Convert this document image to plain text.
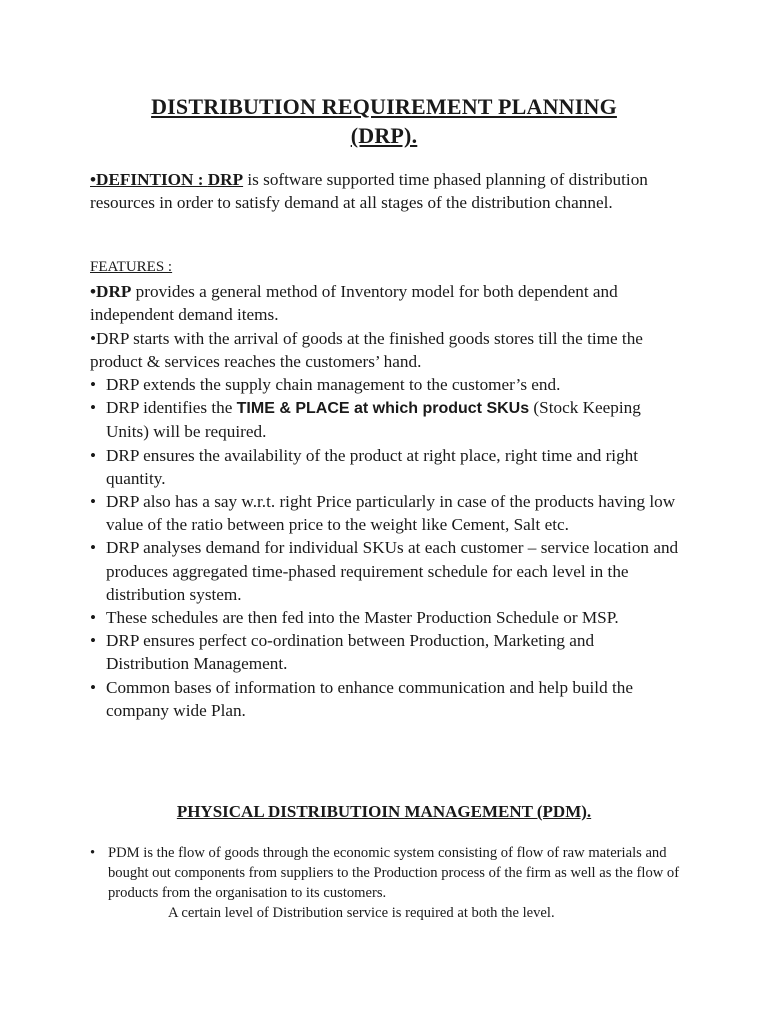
DISTRIBUTION REQUIREMENT PLANNING
(DRP).

•DEFINTION : DRP is software supported time phased planning of distribution resources in order to satisfy demand at all stages of the distribution channel.

FEATURES :

•DRP provides a general method of Inventory model for both dependent and independent demand items.

•DRP starts with the arrival of goods at the finished goods stores till the time the product & services reaches the customers’ hand.

• DRP extends the supply chain management to the customer’s end.
• DRP identifies the TIME & PLACE at which product SKUs (Stock Keeping Units) will be required.
• DRP ensures the availability of the product at right place, right time and right quantity.
• DRP also has a say w.r.t. right Price particularly in case of the products having low value of the ratio between price to the weight like Cement, Salt etc.
• DRP analyses demand for individual SKUs at each customer – service location and produces aggregated time-phased requirement schedule for each level in the distribution system.
• These schedules are then fed into the Master Production Schedule or MSP.
• DRP ensures perfect co-ordination between Production, Marketing and Distribution Management.
• Common bases of information to enhance communication and help build the company wide Plan.
PHYSICAL DISTRIBUTIOIN MANAGEMENT (PDM).
• PDM is the flow of goods through the economic system consisting of flow of raw materials and bought out components from suppliers to the Production process of the firm as well as the flow of products from the organisation to its customers.

A certain level of Distribution service is required at both the level.
